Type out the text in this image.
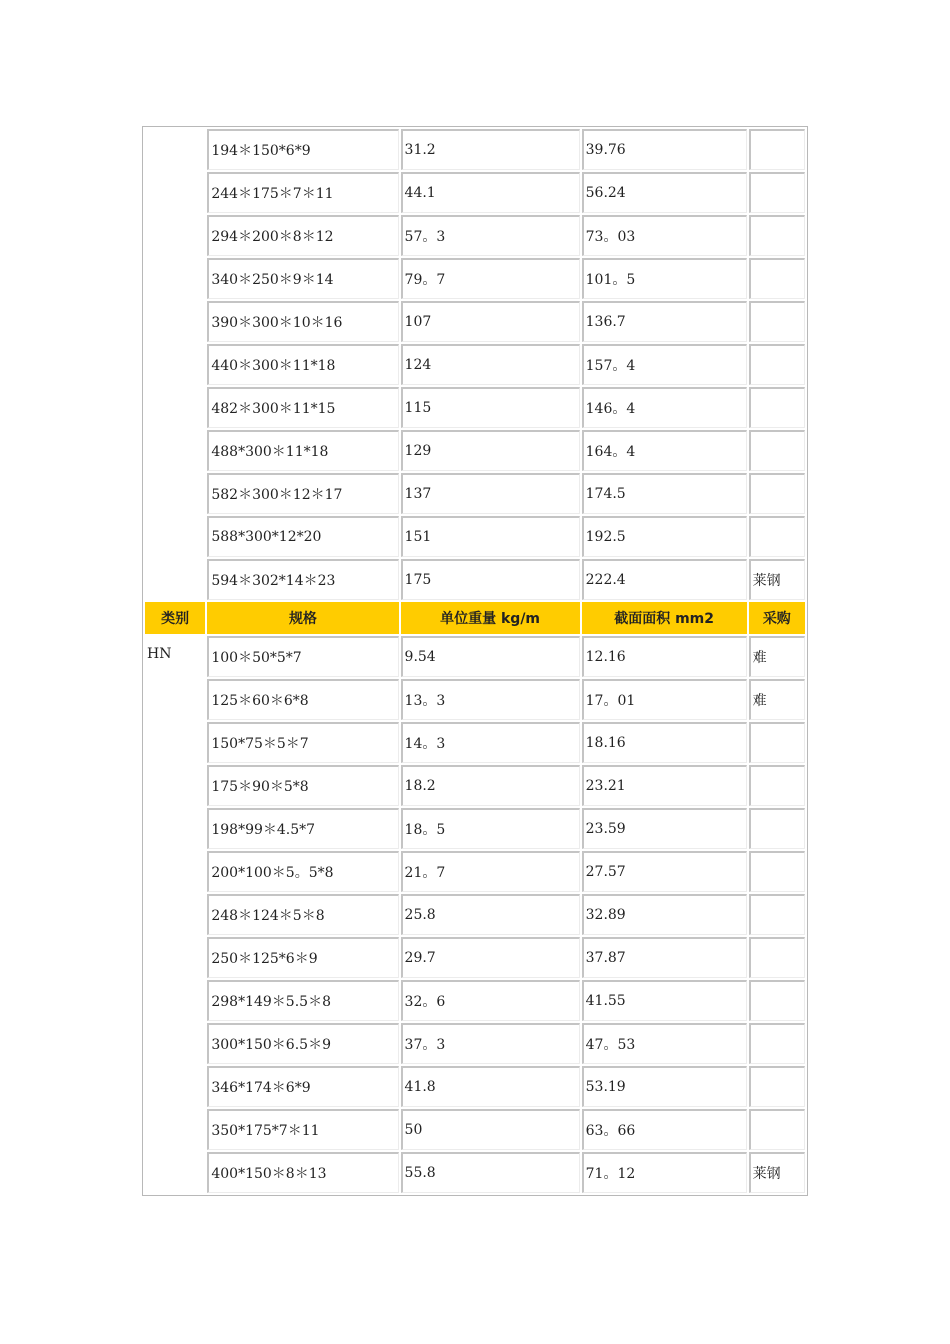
	194＊150*6*9	31.2	39.76	
	244＊175＊7＊11	44.1	56.24	
	294＊200＊8＊12	57。3	73。03	
	340＊250＊9＊14	79。7	101。5	
	390＊300＊10＊16	107	136.7	
	440＊300＊11*18	124	157。4	
	482＊300＊11*15	115	146。4	
	488*300＊11*18	129	164。4	
	582＊300＊12＊17	137	174.5	
	588*300*12*20	151	192.5	
	594＊302*14＊23	175	222.4	莱钢
类别	规格	单位重量 kg/m	截面面积 mm2	采购
HN	100＊50*5*7	9.54	12.16	难
	125＊60＊6*8	13。3	17。01	难
	150*75＊5＊7	14。3	18.16	
	175＊90＊5*8	18.2	23.21	
	198*99＊4.5*7	18。5	23.59	
	200*100＊5。5*8	21。7	27.57	
	248＊124＊5＊8	25.8	32.89	
	250＊125*6＊9	29.7	37.87	
	298*149＊5.5＊8	32。6	41.55	
	300*150＊6.5＊9	37。3	47。53	
	346*174＊6*9	41.8	53.19	
	350*175*7＊11	50	63。66	
	400*150＊8＊13	55.8	71。12	莱钢
